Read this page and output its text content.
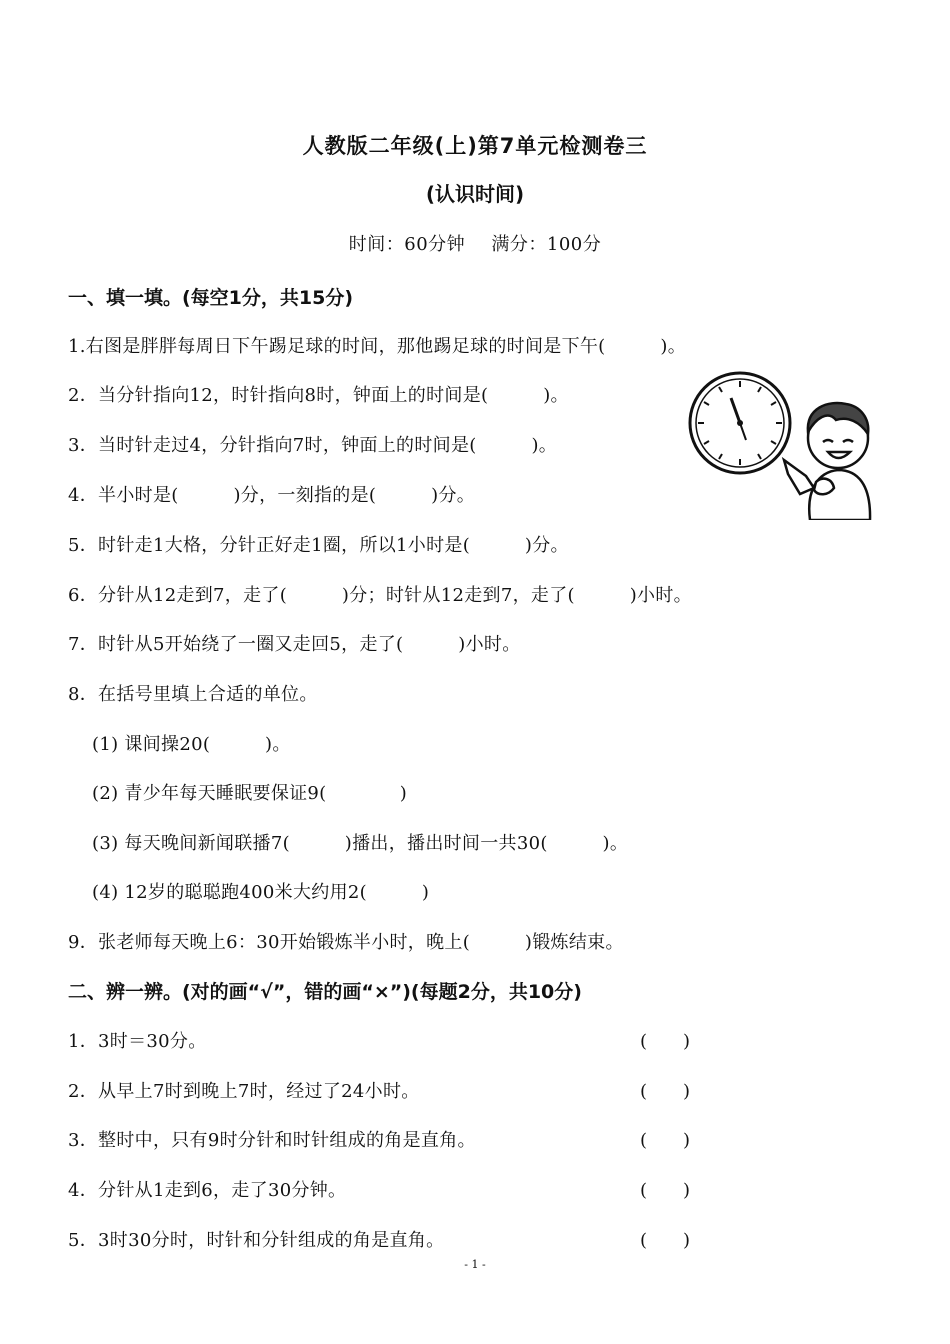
人教版二年级(上)第7单元检测卷三
(认识时间)
时间：60分钟 满分：100分
一、填一填。(每空1分，共15分)
1.右图是胖胖每周日下午踢足球的时间，那他踢足球的时间是下午(　　　)。
2．当分针指向12，时针指向8时，钟面上的时间是(　　　)。
3．当时针走过4，分针指向7时，钟面上的时间是(　　　)。
4．半小时是(　　　)分，一刻指的是(　　　)分。
5．时针走1大格，分针正好走1圈，所以1小时是(　　　)分。
6．分针从12走到7，走了(　　　)分；时针从12走到7，走了(　　　)小时。
7．时针从5开始绕了一圈又走回5，走了(　　　)小时。
8．在括号里填上合适的单位。
(1) 课间操20(　　　)。
(2) 青少年每天睡眠要保证9(　　　　)
(3) 每天晚间新闻联播7(　　　)播出，播出时间一共30(　　　)。
(4) 12岁的聪聪跑400米大约用2(　　　)
9．张老师每天晚上6：30开始锻炼半小时，晚上(　　　)锻炼结束。
二、辨一辨。(对的画“√”，错的画“×”)(每题2分，共10分)
1．3时＝30分。	(　　)
2．从早上7时到晚上7时，经过了24小时。	(　　)
3．整时中，只有9时分针和时针组成的角是直角。	(　　)
4．分针从1走到6，走了30分钟。	(　　)
5．3时30分时，时针和分针组成的角是直角。	(　　)
- 1 -
